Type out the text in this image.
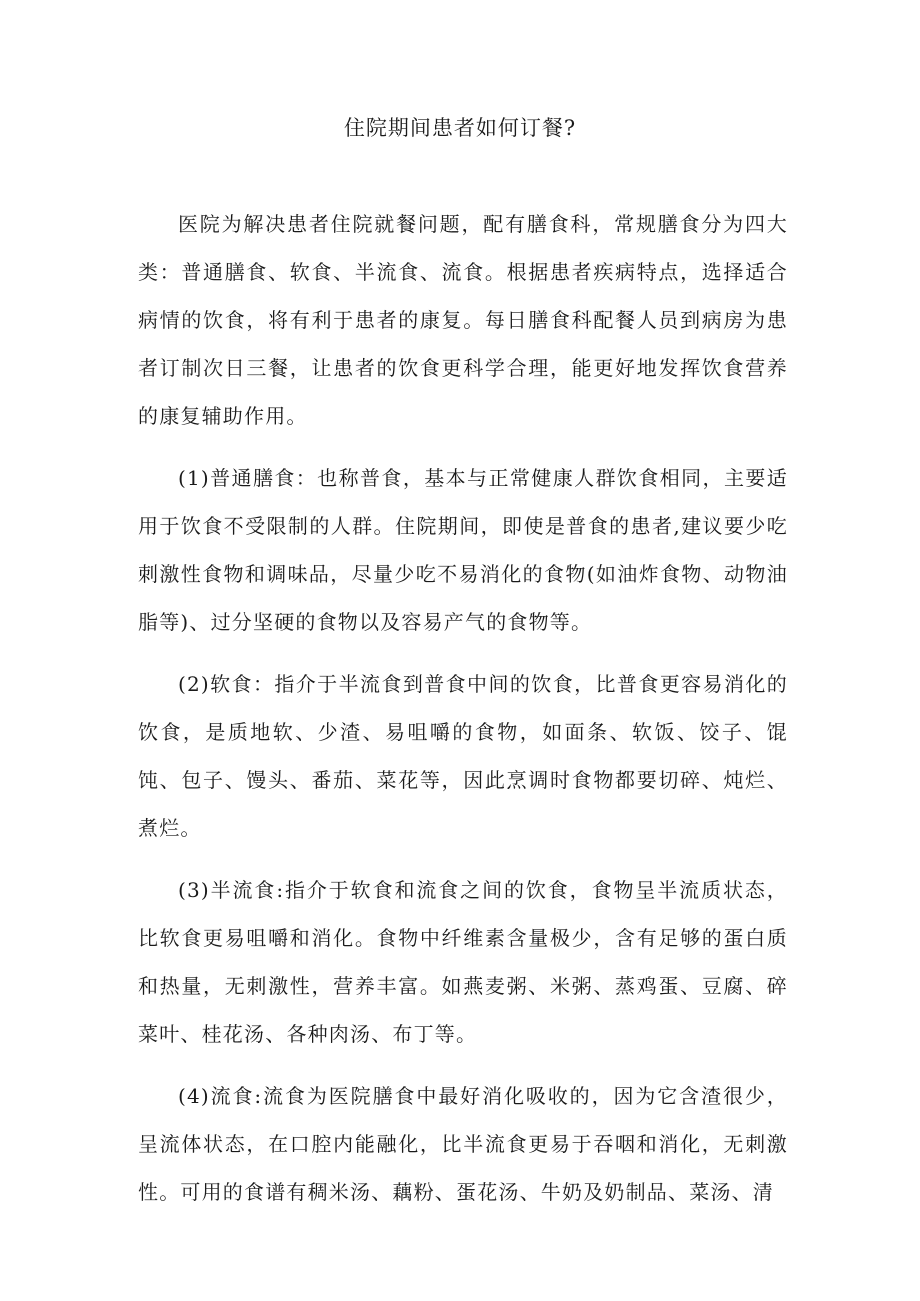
住院期间患者如何订餐?

医院为解决患者住院就餐问题，配有膳食科，常规膳食分为四大类：普通膳食、软食、半流食、流食。根据患者疾病特点，选择适合病情的饮食，将有利于患者的康复。每日膳食科配餐人员到病房为患者订制次日三餐，让患者的饮食更科学合理，能更好地发挥饮食营养的康复辅助作用。

(1)普通膳食：也称普食，基本与正常健康人群饮食相同，主要适用于饮食不受限制的人群。住院期间，即使是普食的患者,建议要少吃刺激性食物和调味品，尽量少吃不易消化的食物(如油炸食物、动物油脂等)、过分坚硬的食物以及容易产气的食物等。

(2)软食：指介于半流食到普食中间的饮食，比普食更容易消化的饮食，是质地软、少渣、易咀嚼的食物，如面条、软饭、饺子、馄饨、包子、馒头、番茄、菜花等，因此烹调时食物都要切碎、炖烂、煮烂。

(3)半流食:指介于软食和流食之间的饮食，食物呈半流质状态，比软食更易咀嚼和消化。食物中纤维素含量极少，含有足够的蛋白质和热量，无刺激性，营养丰富。如燕麦粥、米粥、蒸鸡蛋、豆腐、碎菜叶、桂花汤、各种肉汤、布丁等。

(4)流食:流食为医院膳食中最好消化吸收的，因为它含渣很少，呈流体状态，在口腔内能融化，比半流食更易于吞咽和消化，无刺激性。可用的食谱有稠米汤、藕粉、蛋花汤、牛奶及奶制品、菜汤、清
